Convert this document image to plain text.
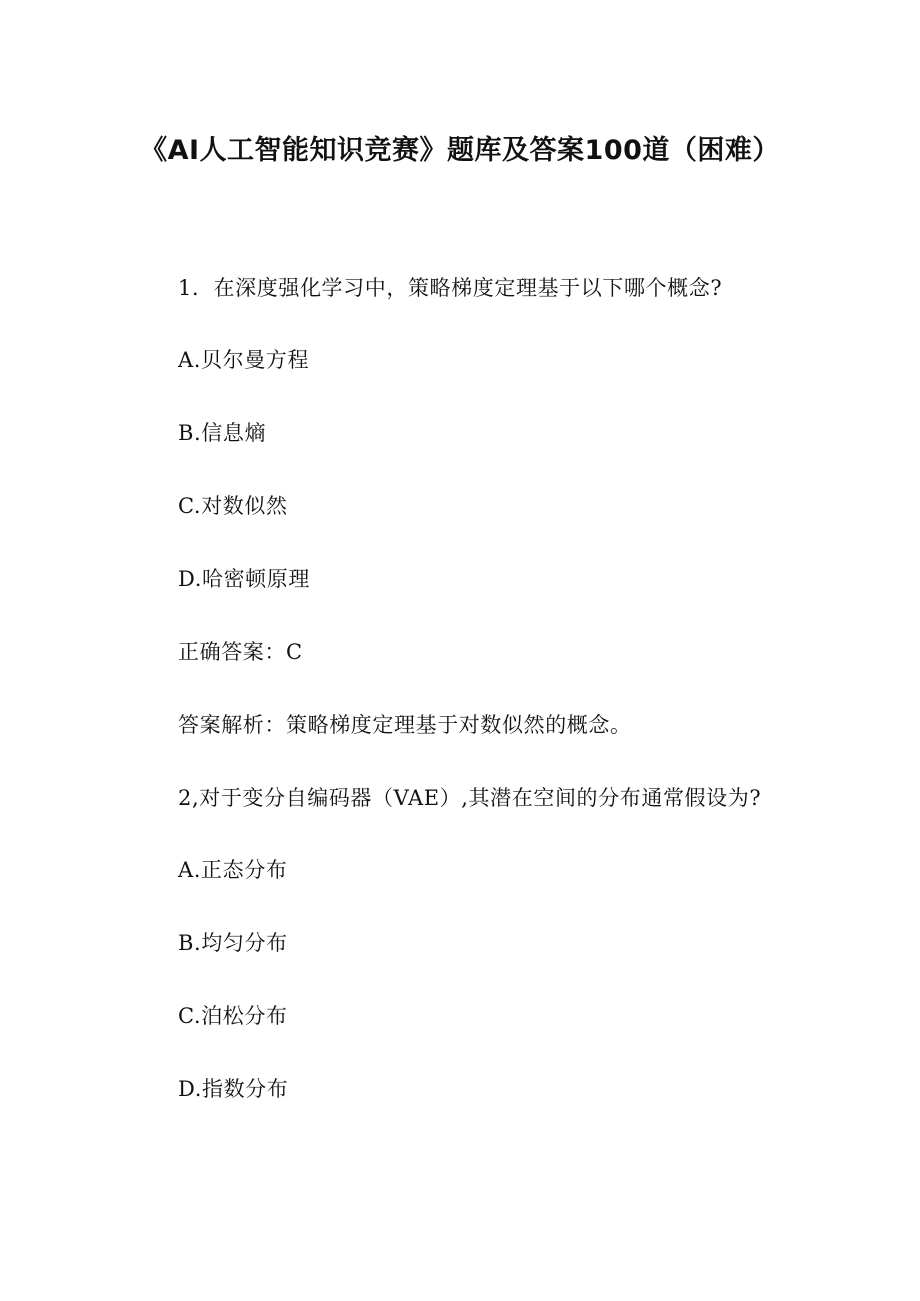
《AI人工智能知识竞赛》题库及答案100道（困难）
1．在深度强化学习中，策略梯度定理基于以下哪个概念?
A.贝尔曼方程
B.信息熵
C.对数似然
D.哈密顿原理
正确答案：C
答案解析：策略梯度定理基于对数似然的概念。
2,对于变分自编码器（VAE）,其潜在空间的分布通常假设为?
A.正态分布
B.均匀分布
C.泊松分布
D.指数分布
